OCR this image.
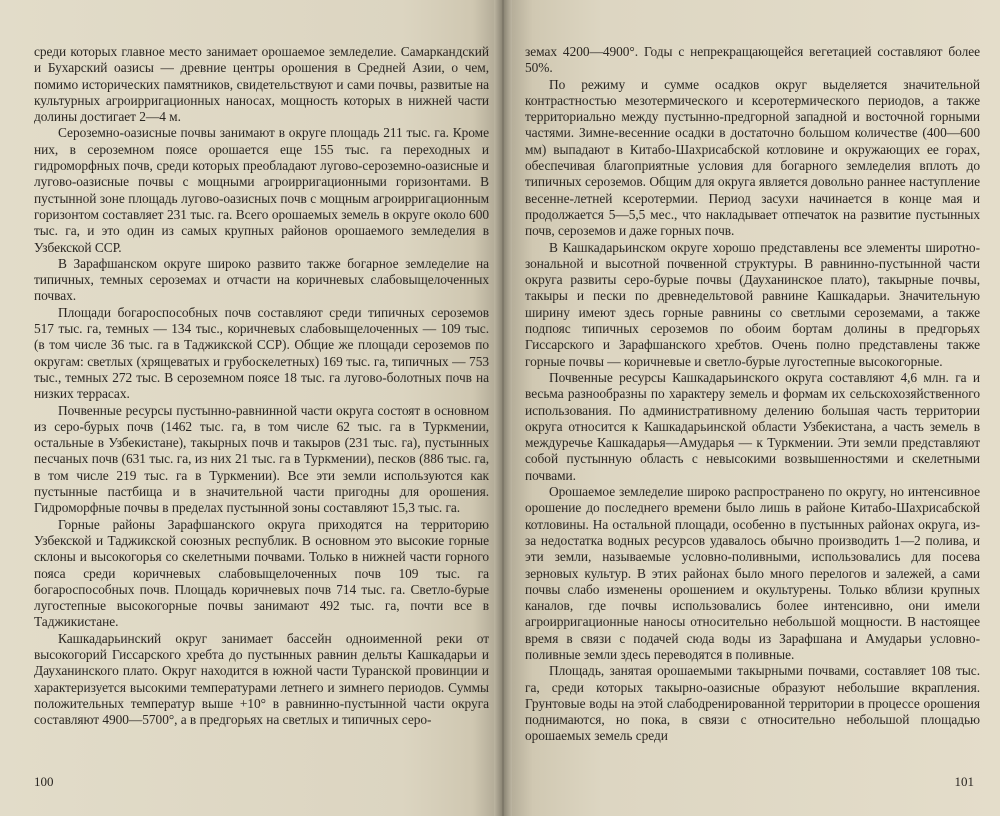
среди которых главное место занимает орошаемое земледелие. Самаркандский и Бухарский оазисы — древние центры орошения в Средней Азии, о чем, помимо исторических памятников, свидетельствуют и сами почвы, развитые на культурных агроирригационных наносах, мощность которых в нижней части долины достигает 2—4 м.

Сероземно-оазисные почвы занимают в округе площадь 211 тыс. га. Кроме них, в сероземном поясе орошается еще 155 тыс. га переходных и гидроморфных почв, среди которых преобладают лугово-сероземно-оазисные и лугово-оазисные почвы с мощными агроирригационными горизонтами. В пустынной зоне площадь лугово-оазисных почв с мощным агроирригационным горизонтом составляет 231 тыс. га. Всего орошаемых земель в округе около 600 тыс. га, и это один из самых крупных районов орошаемого земледелия в Узбекской ССР.

В Зарафшанском округе широко развито также богарное земледелие на типичных, темных сероземах и отчасти на коричневых слабовыщелоченных почвах.

Площади богароспособных почв составляют среди типичных сероземов 517 тыс. га, темных — 134 тыс., коричневых слабовыщелоченных — 109 тыс. (в том числе 36 тыс. га в Таджикской ССР). Общие же площади сероземов по округам: светлых (хрящеватых и грубоскелетных) 169 тыс. га, типичных — 753 тыс., темных 272 тыс. В сероземном поясе 18 тыс. га лугово-болотных почв на низких террасах.

Почвенные ресурсы пустынно-равнинной части округа состоят в основном из серо-бурых почв (1462 тыс. га, в том числе 62 тыс. га в Туркмении, остальные в Узбекистане), такырных почв и такыров (231 тыс. га), пустынных песчаных почв (631 тыс. га, из них 21 тыс. га в Туркмении), песков (886 тыс. га, в том числе 219 тыс. га в Туркмении). Все эти земли используются как пустынные пастбища и в значительной части пригодны для орошения. Гидроморфные почвы в пределах пустынной зоны составляют 15,3 тыс. га.

Горные районы Зарафшанского округа приходятся на территорию Узбекской и Таджикской союзных республик. В основном это высокие горные склоны и высокогорья со скелетными почвами. Только в нижней части горного пояса среди коричневых слабовыщелоченных почв 109 тыс. га богароспособных почв. Площадь коричневых почв 714 тыс. га. Светло-бурые лугостепные высокогорные почвы занимают 492 тыс. га, почти все в Таджикистане.

Кашкадарьинский округ занимает бассейн одноименной реки от высокогорий Гиссарского хребта до пустынных равнин дельты Кашкадарьи и Дауханинского плато. Округ находится в южной части Туранской провинции и характеризуется высокими температурами летнего и зимнего периодов. Суммы положительных температур выше +10° в равнинно-пустынной части округа составляют 4900—5700°, а в предгорьях на светлых и типичных серо-

100

земах 4200—4900°. Годы с непрекращающейся вегетацией составляют более 50%.

По режиму и сумме осадков округ выделяется значительной контрастностью мезотермического и ксеротермического периодов, а также территориально между пустынно-предгорной западной и восточной горными частями. Зимне-весенние осадки в достаточно большом количестве (400—600 мм) выпадают в Китабо-Шахрисабской котловине и окружающих ее горах, обеспечивая благоприятные условия для богарного земледелия вплоть до типичных сероземов. Общим для округа является довольно раннее наступление весенне-летней ксеротермии. Период засухи начинается в конце мая и продолжается 5—5,5 мес., что накладывает отпечаток на развитие пустынных почв, сероземов и даже горных почв.

В Кашкадарьинском округе хорошо представлены все элементы широтно-зональной и высотной почвенной структуры. В равнинно-пустынной части округа развиты серо-бурые почвы (Дауханинское плато), такырные почвы, такыры и пески по древнедельтовой равнине Кашкадарьи. Значительную ширину имеют здесь горные равнины со светлыми сероземами, а также подпояс типичных сероземов по обоим бортам долины в предгорьях Гиссарского и Зарафшанского хребтов. Очень полно представлены также горные почвы — коричневые и светло-бурые лугостепные высокогорные.

Почвенные ресурсы Кашкадарьинского округа составляют 4,6 млн. га и весьма разнообразны по характеру земель и формам их сельскохозяйственного использования. По административному делению большая часть территории округа относится к Кашкадарьинской области Узбекистана, а часть земель в междуречье Кашкадарья—Амударья — к Туркмении. Эти земли представляют собой пустынную область с невысокими возвышенностями и скелетными почвами.

Орошаемое земледелие широко распространено по округу, но интенсивное орошение до последнего времени было лишь в районе Китабо-Шахрисабской котловины. На остальной площади, особенно в пустынных районах округа, из-за недостатка водных ресурсов удавалось обычно производить 1—2 полива, и эти земли, называемые условно-поливными, использовались для посева зерновых культур. В этих районах было много перелогов и залежей, а сами почвы слабо изменены орошением и окультурены. Только вблизи крупных каналов, где почвы использовались более интенсивно, они имели агроирригационные наносы относительно небольшой мощности. В настоящее время в связи с подачей сюда воды из Зарафшана и Амударьи условно-поливные земли здесь переводятся в поливные.

Площадь, занятая орошаемыми такырными почвами, составляет 108 тыс. га, среди которых такырно-оазисные образуют небольшие вкрапления. Грунтовые воды на этой слабодренированной территории в процессе орошения поднимаются, но пока, в связи с относительно небольшой площадью орошаемых земель среди

101
